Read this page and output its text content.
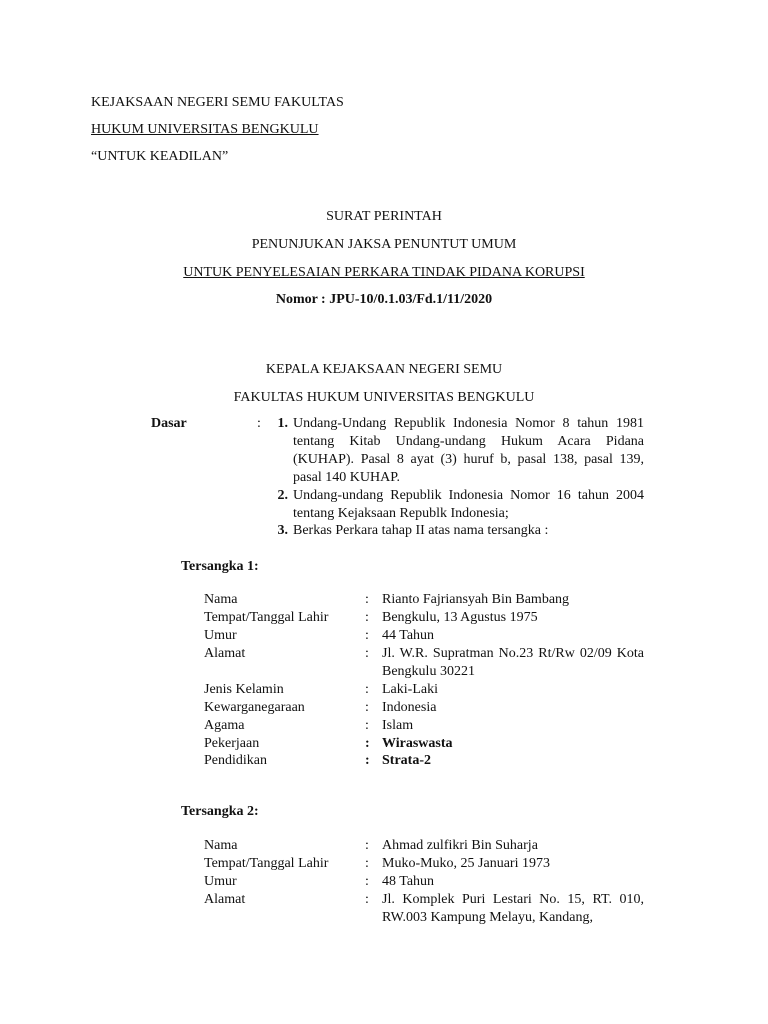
KEJAKSAAN NEGERI SEMU FAKULTAS
HUKUM UNIVERSITAS BENGKULU
“UNTUK KEADILAN”
SURAT PERINTAH
PENUNJUKAN JAKSA PENUNTUT UMUM
UNTUK PENYELESAIAN PERKARA TINDAK PIDANA KORUPSI
Nomor : JPU-10/0.1.03/Fd.1/11/2020
KEPALA KEJAKSAAN NEGERI SEMU
FAKULTAS HUKUM UNIVERSITAS BENGKULU
Dasar	:	1. Undang-Undang Republik Indonesia Nomor 8 tahun 1981 tentang Kitab Undang-undang Hukum Acara Pidana (KUHAP). Pasal 8 ayat (3) huruf b, pasal 138, pasal 139, pasal 140 KUHAP.
2. Undang-undang Republik Indonesia Nomor 16 tahun 2004 tentang Kejaksaan Republk Indonesia;
3. Berkas Perkara tahap II atas nama tersangka :
Tersangka 1:
Nama	: Rianto Fajriansyah Bin Bambang
Tempat/Tanggal Lahir	: Bengkulu, 13 Agustus 1975
Umur	: 44 Tahun
Alamat	: Jl. W.R. Supratman No.23 Rt/Rw 02/09 Kota Bengkulu 30221
Jenis Kelamin	: Laki-Laki
Kewarganegaraan	: Indonesia
Agama	: Islam
Pekerjaan	: Wiraswasta
Pendidikan	: Strata-2
Tersangka 2:
Nama	: Ahmad zulfikri Bin Suharja
Tempat/Tanggal Lahir	: Muko-Muko, 25 Januari 1973
Umur	: 48 Tahun
Alamat	: Jl. Komplek Puri Lestari No. 15, RT. 010, RW.003 Kampung Melayu, Kandang,
